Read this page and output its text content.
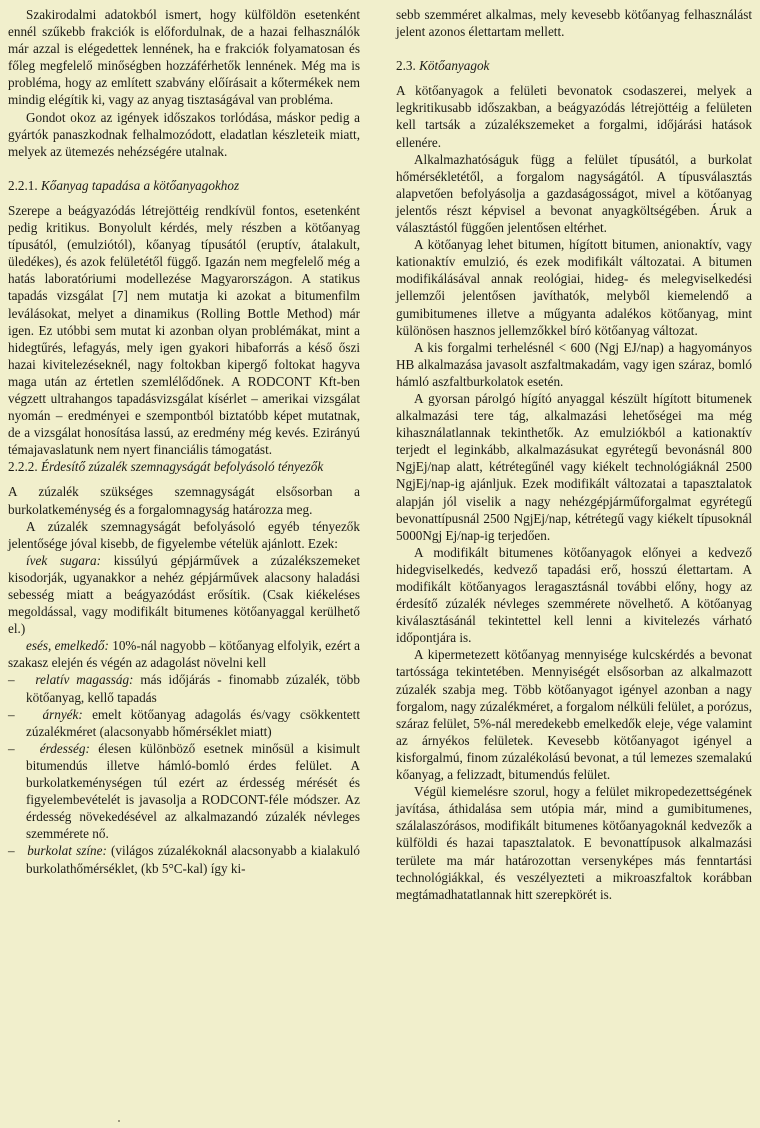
Szakirodalmi adatokból ismert, hogy külföldön esetenként ennél szűkebb frakciók is előfordulnak, de a hazai felhasználók már azzal is elégedettek lennének, ha e frakciók folyamatosan és főleg megfelelő minőségben hozzáférhetők lennének. Még ma is probléma, hogy az említett szabvány előírásait a kőtermékek nem mindig elégítik ki, vagy az anyag tisztaságával van probléma.

Gondot okoz az igények időszakos torlódása, máskor pedig a gyártók panaszkodnak felhalmozódott, eladatlan készleteik miatt, melyek az ütemezés nehézségére utalnak.

2.2.1. Kőanyag tapadása a kötőanyagokhoz

Szerepe a beágyazódás létrejöttéig rendkívül fontos, esetenként pedig kritikus. Bonyolult kérdés, mely részben a kötőanyag típusától, (emulziótól), kőanyag típusától (eruptív, átalakult, üledékes), és azok felületétől függő. Igazán nem megfelelő még a hatás laboratóriumi modellezése Magyarországon. A statikus tapadás vizsgálat [7] nem mutatja ki azokat a bitumenfilm leválásokat, melyet a dinamikus (Rolling Bottle Method) már igen. Ez utóbbi sem mutat ki azonban olyan problémákat, mint a hidegtűrés, lefagyás, mely igen gyakori hibaforrás a késő őszi hazai kivitelezéseknél, nagy foltokban kipergő foltokat hagyva maga után az értetlen szemlélődőnek. A RODCONT Kft-ben végzett ultrahangos tapadásvizsgálat kísérlet – amerikai vizsgálat nyomán – eredményei e szempontból biztatóbb képet mutatnak, de a vizsgálat honosítása lassú, az eredmény még kevés. Ezirányú témajavaslatunk nem nyert financiális támogatást.

2.2.2. Érdesítő zúzalék szemnagyságát befolyásoló tényezők

A zúzalék szükséges szemnagyságát elsősorban a burkolatkeménység és a forgalomnagyság határozza meg.

A zúzalék szemnagyságát befolyásoló egyéb tényezők jelentősége jóval kisebb, de figyelembe vételük ajánlott. Ezek:

ívek sugara: kissúlyú gépjárművek a zúzalékszemeket kisodorják, ugyanakkor a nehéz gépjárművek alacsony haladási sebesség miatt a beágyazódást erősítik. (Csak kiékeléses megoldással, vagy modifikált bitumenes kötőanyaggal kerülhető el.)

esés, emelkedő: 10%-nál nagyobb – kötőanyag elfolyik, ezért a szakasz elején és végén az adagolást növelni kell

– relatív magasság: más időjárás - finomabb zúzalék, több kötőanyag, kellő tapadás

– árnyék: emelt kötőanyag adagolás és/vagy csökkentett zúzalékméret (alacsonyabb hőmérséklet miatt)

– érdesség: élesen különböző esetnek minősül a kisimult bitumendús illetve hámló-bomló érdes felület. A burkolatkeménységen túl ezért az érdesség mérését és figyelembevételét is javasolja a RODCONT-féle módszer. Az érdesség növekedésével az alkalmazandó zúzalék névleges szemmérete nő.

– burkolat színe: (világos zúzalékoknál alacsonyabb a kialakuló burkolathőmérséklet, (kb 5°C-kal) így ki-

sebb szemméret alkalmas, mely kevesebb kötőanyag felhasználást jelent azonos élettartam mellett.

2.3. Kötőanyagok

A kötőanyagok a felületi bevonatok csodaszerei, melyek a legkritikusabb időszakban, a beágyazódás létrejöttéig a felületen kell tartsák a zúzalékszemeket a forgalmi, időjárási hatások ellenére.

Alkalmazhatóságuk függ a felület típusától, a burkolat hőmérsékletétől, a forgalom nagyságától. A típusválasztás alapvetően befolyásolja a gazdaságosságot, mivel a kötőanyag jelentős részt képvisel a bevonat anyagköltségében. Áruk a választástól függően jelentősen eltérhet.

A kötőanyag lehet bitumen, hígított bitumen, anionaktív, vagy kationaktív emulzió, és ezek modifikált változatai. A bitumen modifikálásával annak reológiai, hideg- és melegviselkedési jellemzői jelentősen javíthatók, melyből kiemelendő a gumibitumenes illetve a műgyantа adalékos kötőanyag, mint különösen hasznos jellemzőkkel bíró kötőanyag változat.

A kis forgalmi terhelésnél < 600 (Ngj EJ/nap) a hagyományos HB alkalmazása javasolt aszfaltmakadám, vagy igen száraz, bomló hámló aszfaltburkolatok esetén.

A gyorsan párolgó hígító anyaggal készült hígított bitumenek alkalmazási tere tág, alkalmazási lehetőségei ma még kihasználatlannak tekinthetők. Az emulziókból a kationaktív terjedt el leginkább, alkalmazásukat egyrétegű bevonásnál 800 NgjEj/nap alatt, kétrétegűnél vagy kiékelt technológiáknál 2500 NgjEj/nap-ig ajánljuk. Ezek modifikált változatai a tapasztalatok alapján jól viselik a nagy nehézgépjárműforgalmat egyrétegű bevonattípusnál 2500 NgjEj/nap, kétrétegű vagy kiékelt típusoknál 5000Ngj Ej/nap-ig terjedően.

A modifikált bitumenes kötőanyagok előnyei a kedvező hidegviselkedés, kedvező tapadási erő, hosszú élettartam. A modifikált kötőanyagos leragasztásnál további előny, hogy az érdesítő zúzalék névleges szemmérete növelhető. A kötőanyag kiválasztásánál tekintettel kell lenni a kivitelezés várható időpontjára is.

A kipermetezett kötőanyag mennyisége kulcskérdés a bevonat tartóssága tekintetében. Mennyiségét elsősorban az alkalmazott zúzalék szabja meg. Több kötőanyagot igényel azonban a nagy forgalom, nagy zúzalékméret, a forgalom nélküli felület, a porózus, száraz felület, 5%-nál meredekebb emelkedők eleje, vége valamint az árnyékos felületek. Kevesebb kötőanyagot igényel a kisforgalmú, finom zúzalékolású bevonat, a túl lemezes szemalakú kőanyag, a felizzadt, bitumendús felület.

Végül kiemelésre szorul, hogy a felület mikropedezettségének javítása, áthidalása sem utópia már, mind a gumibitumenes, szálalaszórásos, modifikált bitumenes kötőanyagoknál kedvezők a külföldi és hazai tapasztalatok. E bevonattípusok alkalmazási területe ma már határozottan versenyképes más fenntartási technológiákkal, és veszélyezteti a mikroaszfaltok korábban megtámadhatatlannak hitt szerepkörét is.
